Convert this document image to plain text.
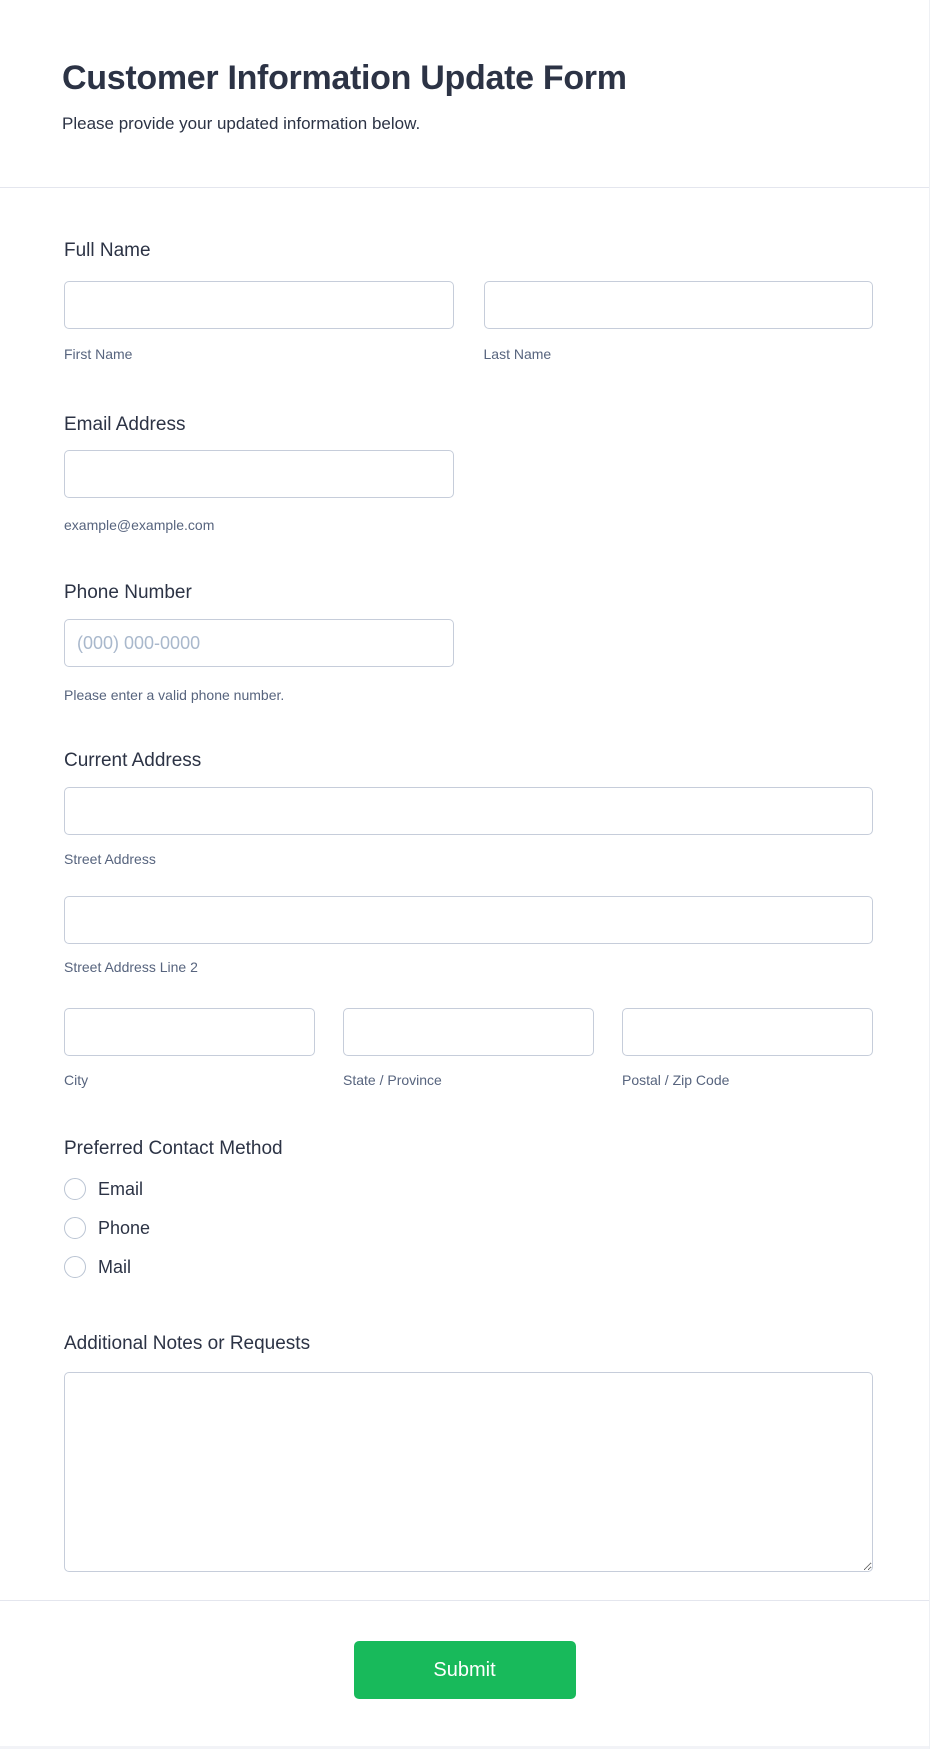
Customer Information Update Form

Please provide your updated information below.

Full Name
First Name	Last Name
Email Address
example@example.com
Phone Number
(000) 000-0000
Please enter a valid phone number.
Current Address
Street Address
Street Address Line 2
City	State / Province	Postal / Zip Code
Preferred Contact Method
Email
Phone
Mail
Additional Notes or Requests
Submit
